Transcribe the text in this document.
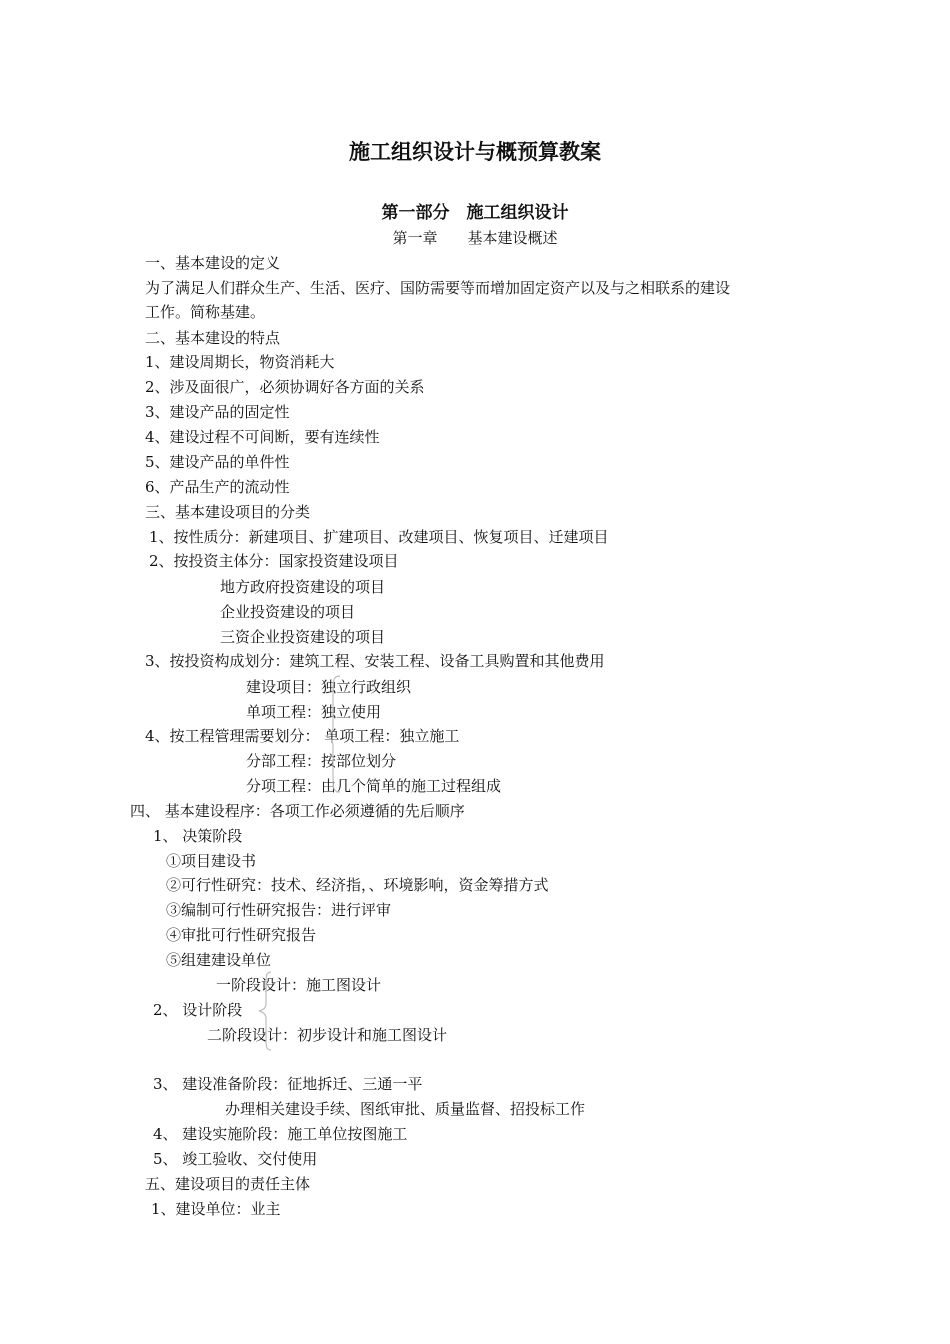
施工组织设计与概预算教案
第一部分　施工组织设计
第一章　　基本建设概述
一、基本建设的定义
为了满足人们群众生产、生活、医疗、国防需要等而增加固定资产以及与之相联系的建设
工作。简称基建。
二、基本建设的特点
1、建设周期长，物资消耗大
2、涉及面很广，必须协调好各方面的关系
3、建设产品的固定性
4、建设过程不可间断，要有连续性
5、建设产品的单件性
6、产品生产的流动性
三、基本建设项目的分类
1、按性质分：新建项目、扩建项目、改建项目、恢复项目、迁建项目
2、按投资主体分：国家投资建设项目
地方政府投资建设的项目
企业投资建设的项目
三资企业投资建设的项目
3、按投资构成划分：建筑工程、安装工程、设备工具购置和其他费用
建设项目：独立行政组织
单项工程：独立使用
4、按工程管理需要划分： 单项工程：独立施工
分部工程：按部位划分
分项工程：由几个简单的施工过程组成
四、 基本建设程序：各项工作必须遵循的先后顺序
1、 决策阶段
①项目建设书
②可行性研究：技术、经济指，、环境影响，资金筹措方式
③编制可行性研究报告：进行评审
④审批可行性研究报告
⑤组建建设单位
一阶段设计：施工图设计
2、 设计阶段
二阶段设计：初步设计和施工图设计
3、 建设准备阶段：征地拆迁、三通一平
办理相关建设手续、图纸审批、质量监督、招投标工作
4、 建设实施阶段：施工单位按图施工
5、 竣工验收、交付使用
五、建设项目的责任主体
1、建设单位：业主
